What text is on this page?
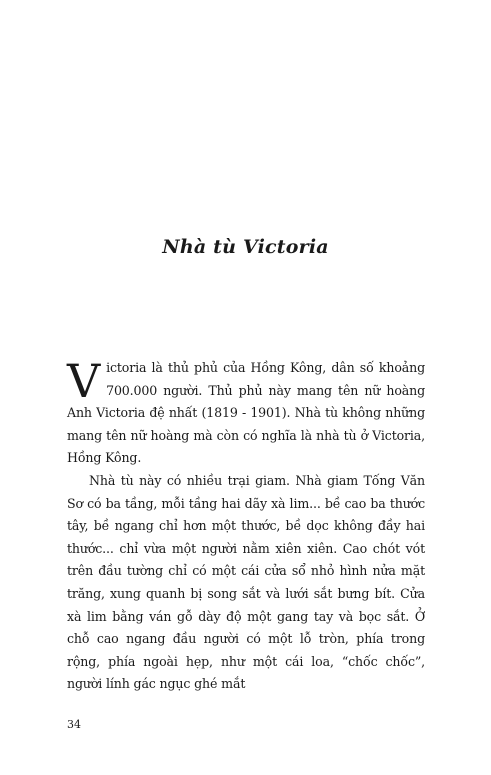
Nhà tù Victoria

Victoria là thủ phủ của Hồng Kông, dân số khoảng 700.000 người. Thủ phủ này mang tên nữ hoàng Anh Victoria đệ nhất (1819 - 1901). Nhà tù không những mang tên nữ hoàng mà còn có nghĩa là nhà tù ở Victoria, Hồng Kông.

Nhà tù này có nhiều trại giam. Nhà giam Tống Văn Sơ có ba tầng, mỗi tầng hai dãy xà lim... bề cao ba thước tây, bề ngang chỉ hơn một thước, bề dọc không đầy hai thước... chỉ vừa một người nằm xiên xiên. Cao chót vót trên đầu tường chỉ có một cái cửa sổ nhỏ hình nửa mặt trăng, xung quanh bị song sắt và lưới sắt bưng bít. Cửa xà lim bằng ván gỗ dày độ một gang tay và bọc sắt. Ở chỗ cao ngang đầu người có một lỗ tròn, phía trong rộng, phía ngoài hẹp, như một cái loa, “chốc chốc”, người lính gác ngục ghé mắt

34
